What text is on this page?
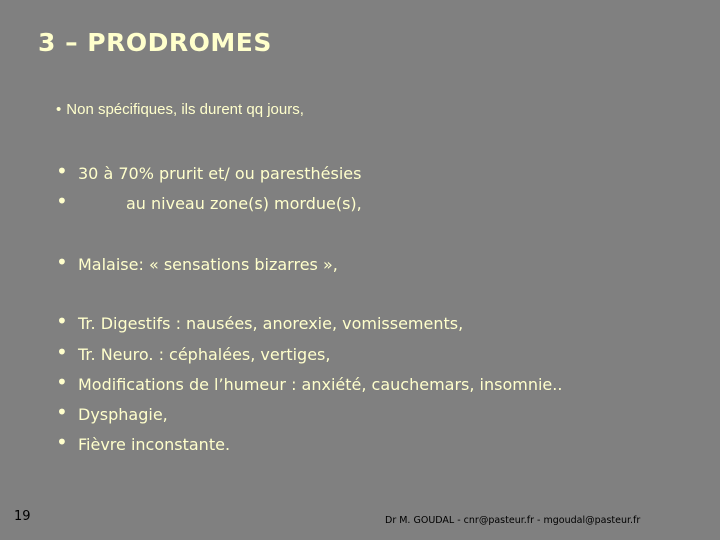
3 – PRODROMES
• Non spécifiques, ils durent qq jours,
• 30 à 70% prurit et/ ou paresthésies
•	au niveau zone(s) mordue(s),
• Malaise: « sensations bizarres »,
• Tr. Digestifs : nausées, anorexie, vomissements,
• Tr. Neuro. : céphalées, vertiges,
• Modifications de l’humeur : anxiété, cauchemars, insomnie..
• Dysphagie,
• Fièvre inconstante.
19	Dr M. GOUDAL - cnr@pasteur.fr - mgoudal@pasteur.fr
